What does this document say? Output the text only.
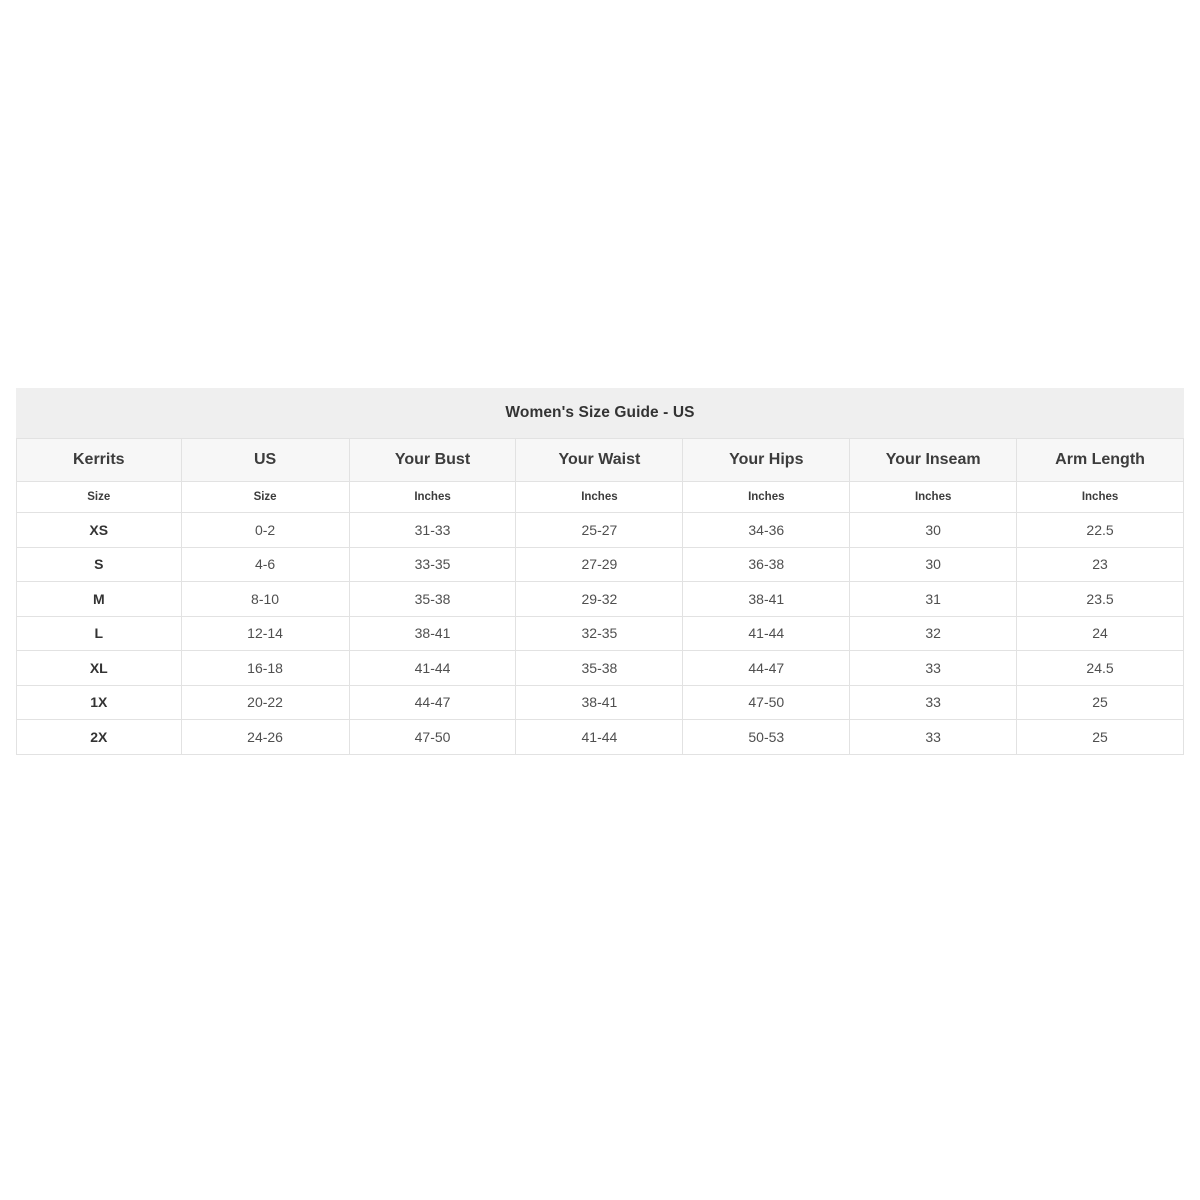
Women's Size Guide - US
Kerrits	US	Your Bust	Your Waist	Your Hips	Your Inseam	Arm Length
Size	Size	Inches	Inches	Inches	Inches	Inches
XS	0-2	31-33	25-27	34-36	30	22.5
S	4-6	33-35	27-29	36-38	30	23
M	8-10	35-38	29-32	38-41	31	23.5
L	12-14	38-41	32-35	41-44	32	24
XL	16-18	41-44	35-38	44-47	33	24.5
1X	20-22	44-47	38-41	47-50	33	25
2X	24-26	47-50	41-44	50-53	33	25
